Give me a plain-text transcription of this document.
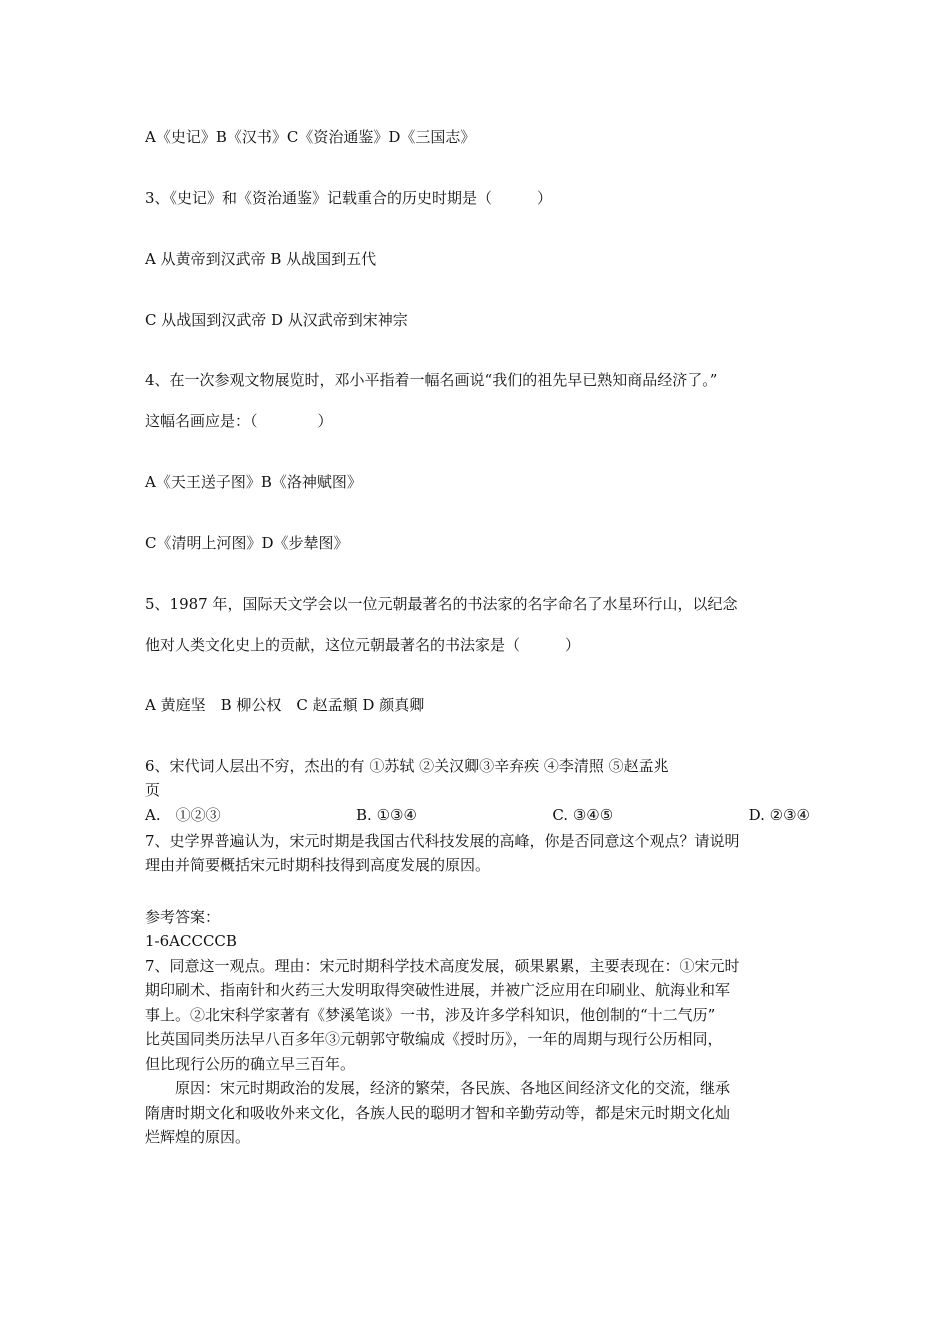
A《史记》B《汉书》C《资治通鉴》D《三国志》
3、《史记》和《资治通鉴》记载重合的历史时期是（　　　）
A 从黄帝到汉武帝 B 从战国到五代
C 从战国到汉武帝 D 从汉武帝到宋神宗
4、在一次参观文物展览时，邓小平指着一幅名画说“我们的祖先早已熟知商品经济了。”
这幅名画应是：（　　　　）
A《天王送子图》B《洛神赋图》
C《清明上河图》D《步辇图》
5、1987 年，国际天文学会以一位元朝最著名的书法家的名字命名了水星环行山，以纪念
他对人类文化史上的贡献，这位元朝最著名的书法家是（　　　）
A 黄庭坚　B 柳公权　C 赵孟頫 D 颜真卿
6、宋代词人层出不穷，杰出的有 ①苏轼 ②关汉卿③辛弃疾 ④李清照 ⑤赵孟兆
页
A.　①②③	B. ①③④	C. ③④⑤	D. ②③④
7、史学界普遍认为，宋元时期是我国古代科技发展的高峰，你是否同意这个观点？请说明
理由并简要概括宋元时期科技得到高度发展的原因。
参考答案：
1-6ACCCCB
7、同意这一观点。理由：宋元时期科学技术高度发展，硕果累累，主要表现在：①宋元时
期印刷术、指南针和火药三大发明取得突破性进展，并被广泛应用在印刷业、航海业和军
事上。②北宋科学家著有《梦溪笔谈》一书，涉及许多学科知识，他创制的“十二气历”
比英国同类历法早八百多年③元朝郭守敬编成《授时历》，一年的周期与现行公历相同，
但比现行公历的确立早三百年。
原因：宋元时期政治的发展，经济的繁荣，各民族、各地区间经济文化的交流，继承
隋唐时期文化和吸收外来文化，各族人民的聪明才智和辛勤劳动等，都是宋元时期文化灿
烂辉煌的原因。
